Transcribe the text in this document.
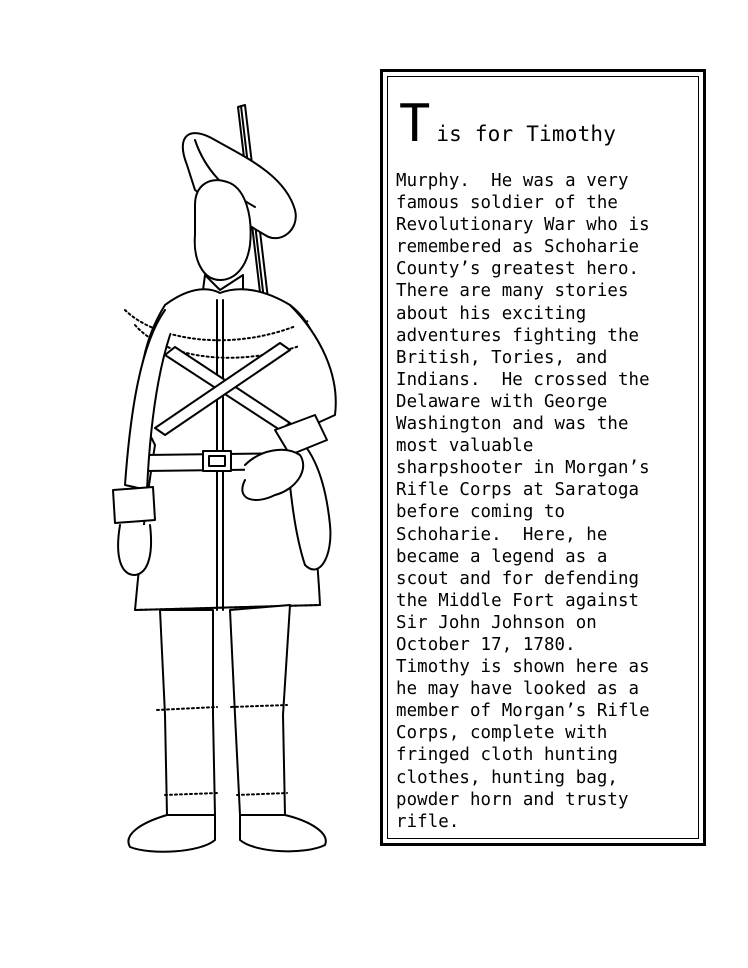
Tis for Timothy
Murphy.  He was a very
famous soldier of the
Revolutionary War who is
remembered as Schoharie
County’s greatest hero.
There are many stories
about his exciting
adventures fighting the
British, Tories, and
Indians.  He crossed the
Delaware with George
Washington and was the
most valuable
sharpshooter in Morgan’s
Rifle Corps at Saratoga
before coming to
Schoharie.  Here, he
became a legend as a
scout and for defending
the Middle Fort against
Sir John Johnson on
October 17, 1780.
Timothy is shown here as
he may have looked as a
member of Morgan’s Rifle
Corps, complete with
fringed cloth hunting
clothes, hunting bag,
powder horn and trusty
rifle.
